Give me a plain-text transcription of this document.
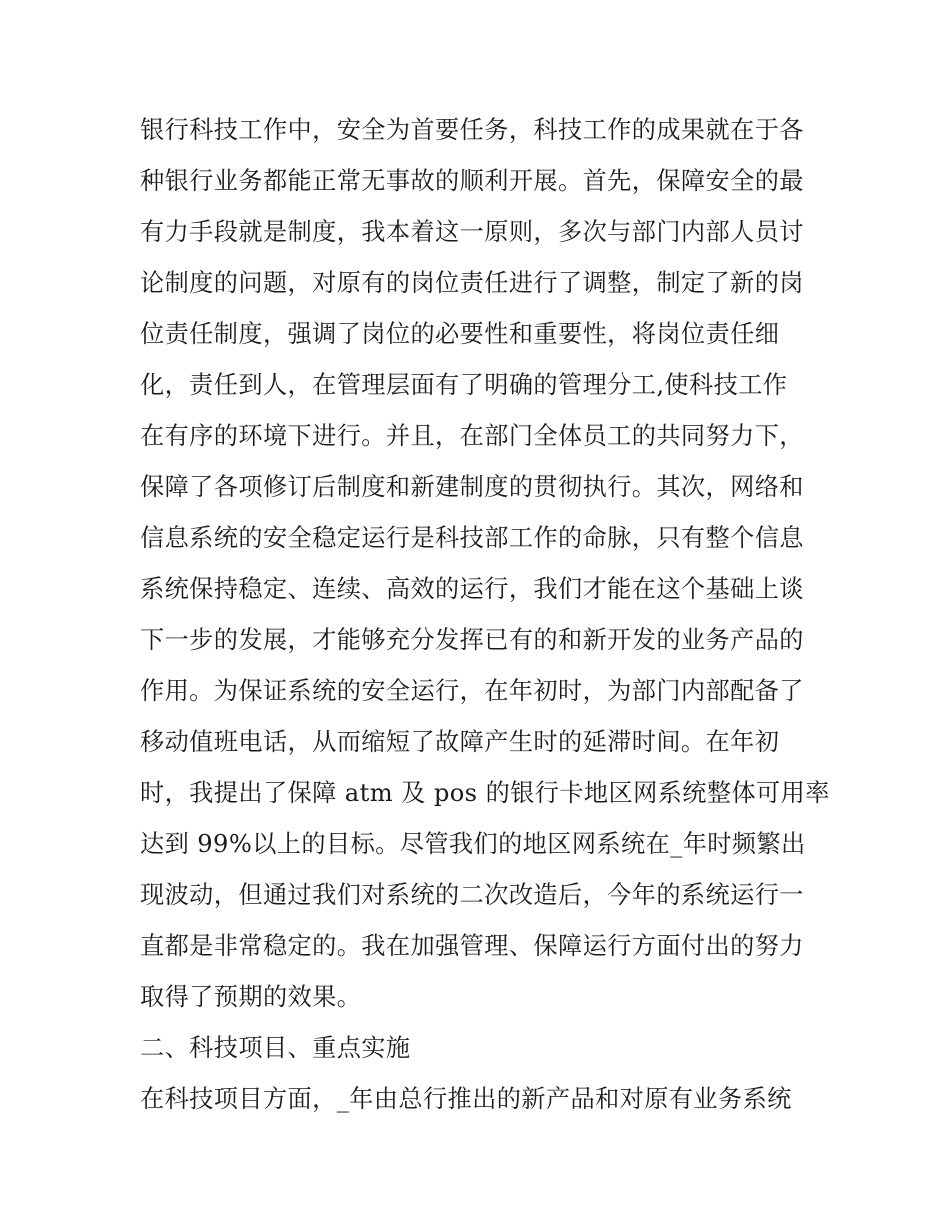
银行科技工作中，安全为首要任务，科技工作的成果就在于各
种银行业务都能正常无事故的顺利开展。首先，保障安全的最
有力手段就是制度，我本着这一原则，多次与部门内部人员讨
论制度的问题，对原有的岗位责任进行了调整，制定了新的岗
位责任制度，强调了岗位的必要性和重要性，将岗位责任细
化，责任到人，在管理层面有了明确的管理分工,使科技工作
在有序的环境下进行。并且，在部门全体员工的共同努力下，
保障了各项修订后制度和新建制度的贯彻执行。其次，网络和
信息系统的安全稳定运行是科技部工作的命脉，只有整个信息
系统保持稳定、连续、高效的运行，我们才能在这个基础上谈
下一步的发展，才能够充分发挥已有的和新开发的业务产品的
作用。为保证系统的安全运行，在年初时，为部门内部配备了
移动值班电话，从而缩短了故障产生时的延滞时间。在年初
时，我提出了保障 atm 及 pos 的银行卡地区网系统整体可用率
达到 99%以上的目标。尽管我们的地区网系统在_年时频繁出
现波动，但通过我们对系统的二次改造后，今年的系统运行一
直都是非常稳定的。我在加强管理、保障运行方面付出的努力
取得了预期的效果。
二、科技项目、重点实施
在科技项目方面，_年由总行推出的新产品和对原有业务系统
